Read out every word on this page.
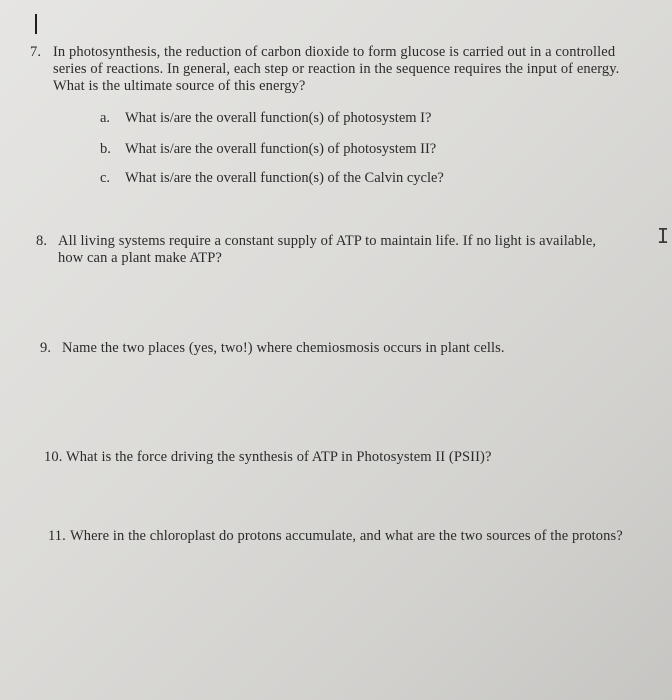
7. In photosynthesis, the reduction of carbon dioxide to form glucose is carried out in a controlled series of reactions. In general, each step or reaction in the sequence requires the input of energy. What is the ultimate source of this energy?
a. What is/are the overall function(s) of photosystem I?
b. What is/are the overall function(s) of photosystem II?
c. What is/are the overall function(s) of the Calvin cycle?
8. All living systems require a constant supply of ATP to maintain life. If no light is available, how can a plant make ATP?
I
9. Name the two places (yes, two!) where chemiosmosis occurs in plant cells.
10. What is the force driving the synthesis of ATP in Photosystem II (PSII)?
11. Where in the chloroplast do protons accumulate, and what are the two sources of the protons?
